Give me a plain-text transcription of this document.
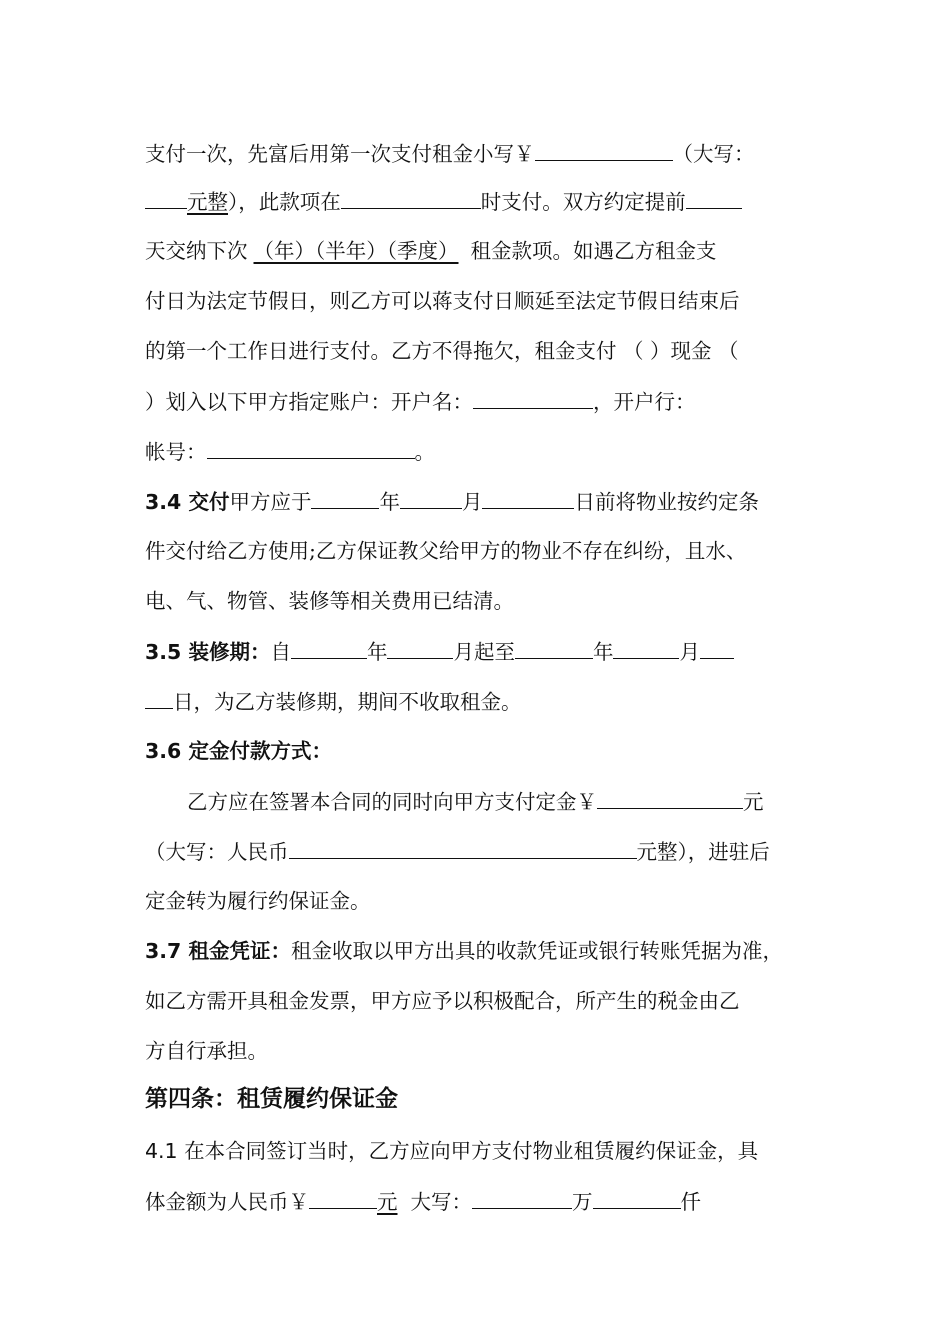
支付一次，先富后用第一次支付租金小写￥	（大写：
元整），此款项在	时支付。双方约定提前
天交纳下次 （年）（半年）（季度） 租金款项。如遇乙方租金支
付日为法定节假日，则乙方可以蒋支付日顺延至法定节假日结束后
的第一个工作日进行支付。乙方不得拖欠，租金支付 （ ）现金 （
）划入以下甲方指定账户：开户名：	，开户行：
帐号：	。
3.4 交付甲方应于	年	月	日前将物业按约定条
件交付给乙方使用;乙方保证教父给甲方的物业不存在纠纷，且水、
电、气、物管、装修等相关费用已结清。
3.5 装修期：自	年	月起至	年	月
日，为乙方装修期，期间不收取租金。
3.6 定金付款方式：
乙方应在签署本合同的同时向甲方支付定金￥	元
（大写：人民币	元整），进驻后
定金转为履行约保证金。
3.7 租金凭证：租金收取以甲方出具的收款凭证或银行转账凭据为准，
如乙方需开具租金发票，甲方应予以积极配合，所产生的税金由乙
方自行承担。
第四条：租赁履约保证金
4.1 在本合同签订当时，乙方应向甲方支付物业租赁履约保证金，具
体金额为人民币￥	元 大写：	万	仟
